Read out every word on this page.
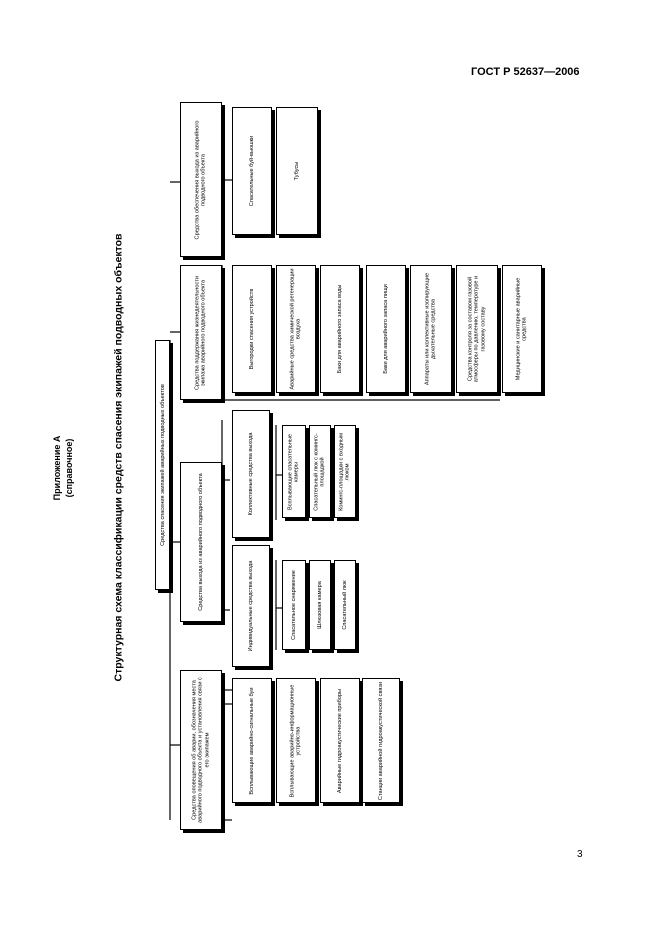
ГОСТ Р 52637—2006
Приложение А (справочное)	Структурная схема классификации средств спасения экипажей подводных объектов	Средства спасения экипажей аварийных подводных объектов
Средства оповещения об аварии, обозначения места аварийного подводного объекта и установления связи с его экипажем
Средства выхода из аварийного подводного объекта
Средства поддержания жизнедеятельности экипажа аварийного подводного объекта
Средства обеспечения выхода из аварийного подводного объекта
Всплывающие аварийно-сигнальные буи	Всплывающие аварийно-информационные устройства	Аварийные гидроакустические приборы	Станции аварийной гидроакустической связи
Индивидуальные средства выхода
Коллективные средства выхода
Спасательное снаряжение	Шлюзовая камера	Спасательный люк
Всплывающие спасательные камеры Спасательный люк с комингс-площадкой Комингс-площадки с входным люком
Выгородки спасения устройств	Аварийные средства химической регенерации воздуха	Баки для аварийного запаса воды	Баки для аварийного запаса пищи	Аппараты или коллективные изолирующие дыхательные средства	Средства контроля за составом газовой атмосферы по давлению, температуре и газовому составу	Медицинские и санитарные аварийные средства
Спасательные буй-вьюшки	Тубусы
3
